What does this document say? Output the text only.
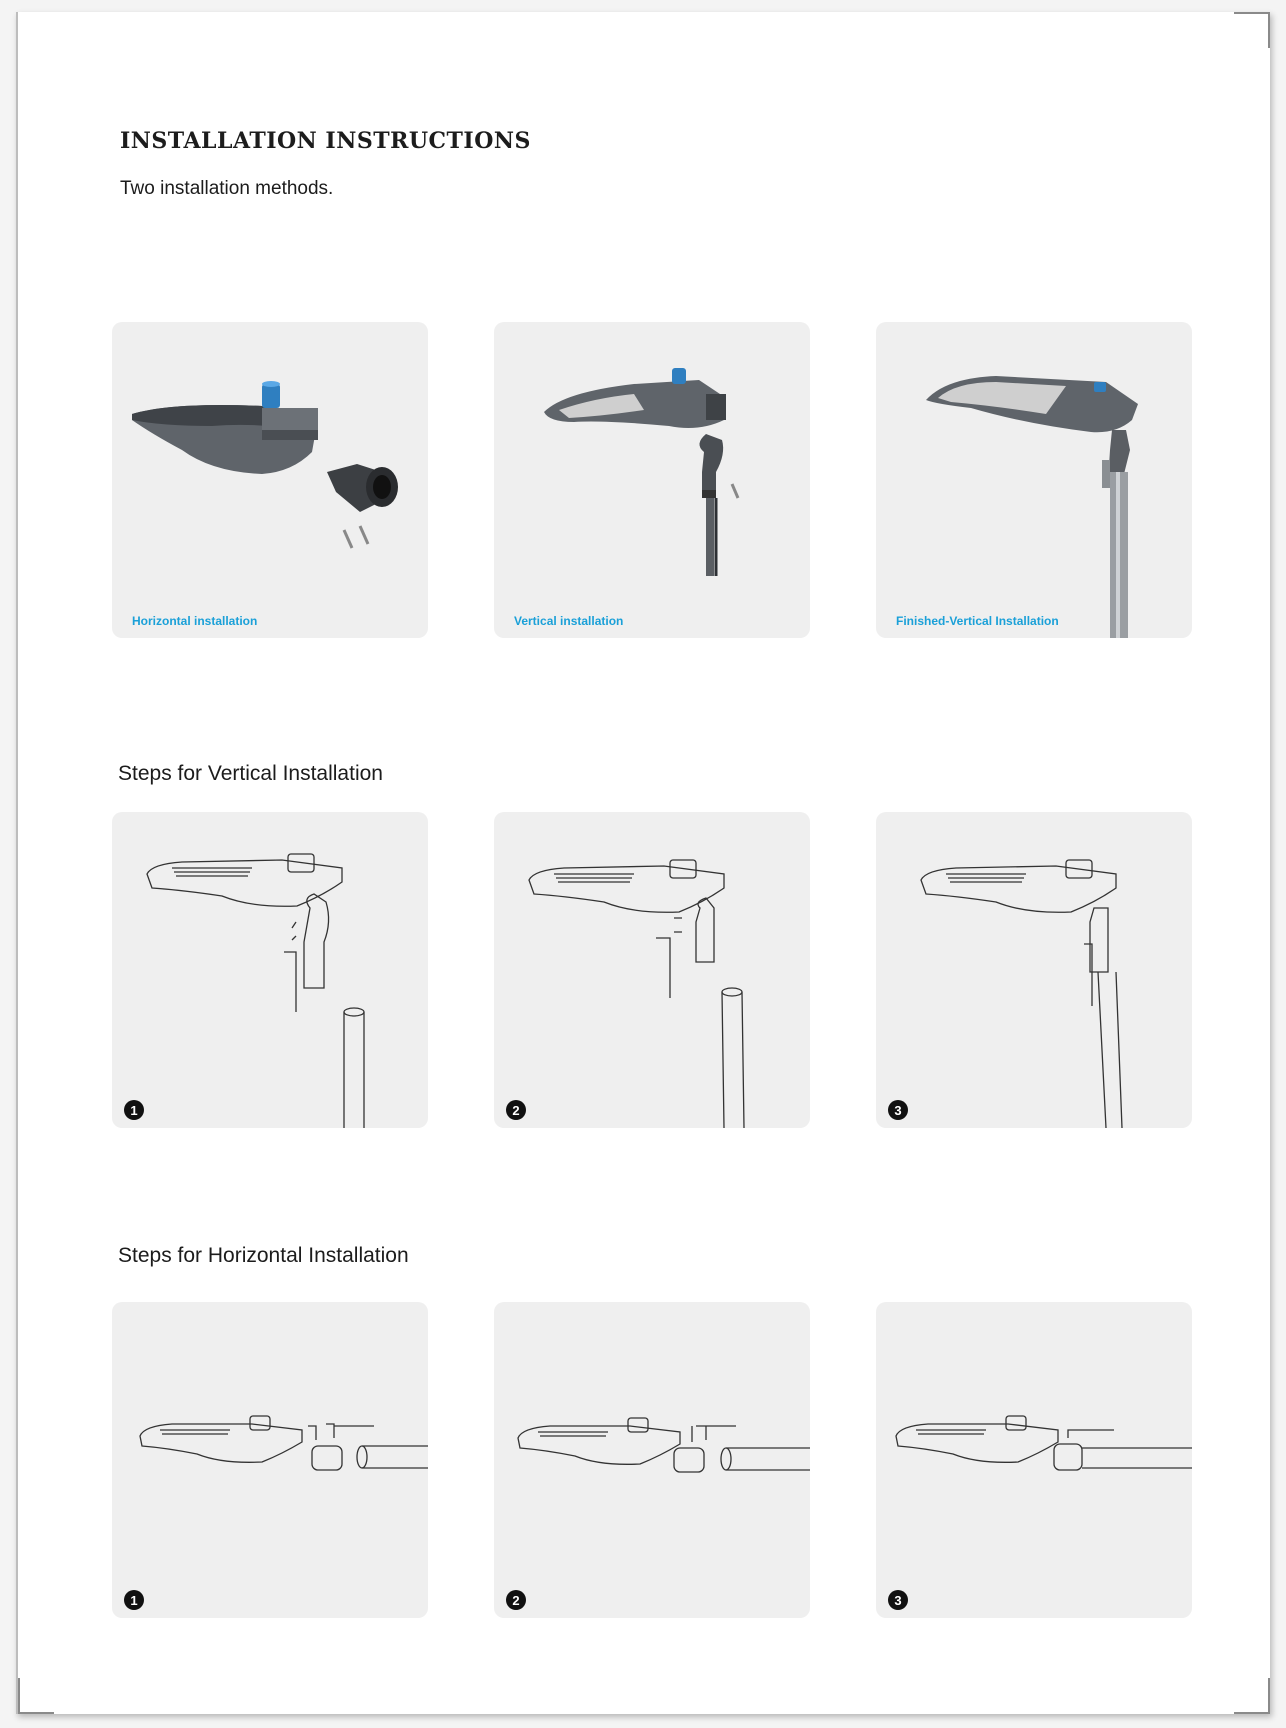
INSTALLATION INSTRUCTIONS
Two installation methods.
Horizontal installation	Vertical installation	Finished-Vertical Installation
Steps for Vertical Installation
1	2	3
Steps for Horizontal Installation
1	2	3
